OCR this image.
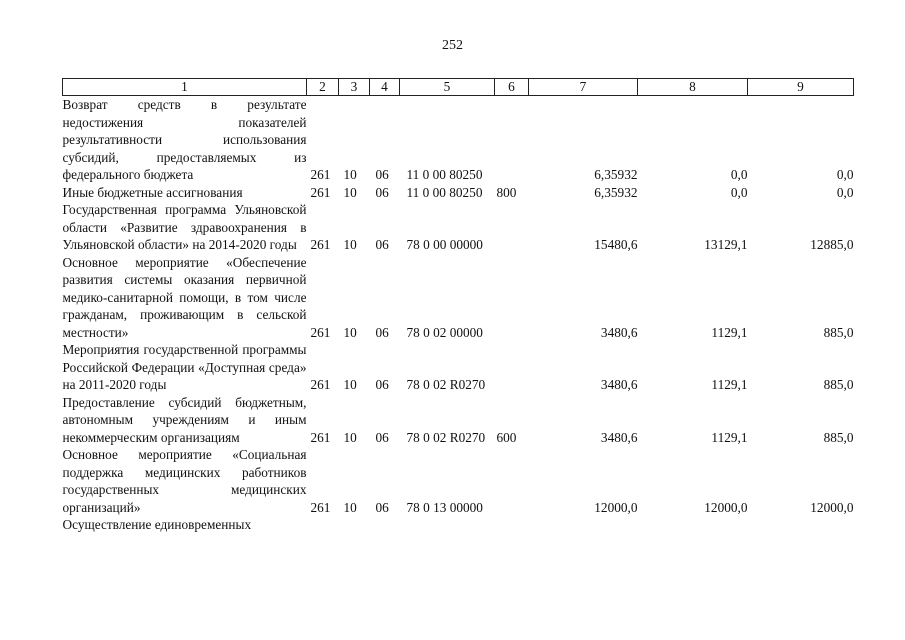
252
1	2	3	4	5	6	7	8	9
Возврат средств в результате недостижения показателей результативности использования субсидий, предоставляемых из федерального бюджета	261	10	06	11 0 00 80250		6,35932	0,0	0,0
Иные бюджетные ассигнования	261	10	06	11 0 00 80250	800	6,35932	0,0	0,0
Государственная программа Ульяновской области «Развитие здравоохранения в Ульяновской области» на 2014-2020 годы	261	10	06	78 0 00 00000		15480,6	13129,1	12885,0
Основное мероприятие «Обеспечение развития системы оказания первичной медико-санитарной помощи, в том числе гражданам, проживающим в сельской местности»	261	10	06	78 0 02 00000		3480,6	1129,1	885,0
Мероприятия государственной программы Российской Федерации «Доступная среда» на 2011-2020 годы	261	10	06	78 0 02 R0270		3480,6	1129,1	885,0
Предоставление субсидий бюджетным, автономным учреждениям и иным некоммерческим организациям	261	10	06	78 0 02 R0270	600	3480,6	1129,1	885,0
Основное мероприятие «Социальная поддержка медицинских работников государственных медицинских организаций»	261	10	06	78 0 13 00000		12000,0	12000,0	12000,0
Осуществление единовременных								
